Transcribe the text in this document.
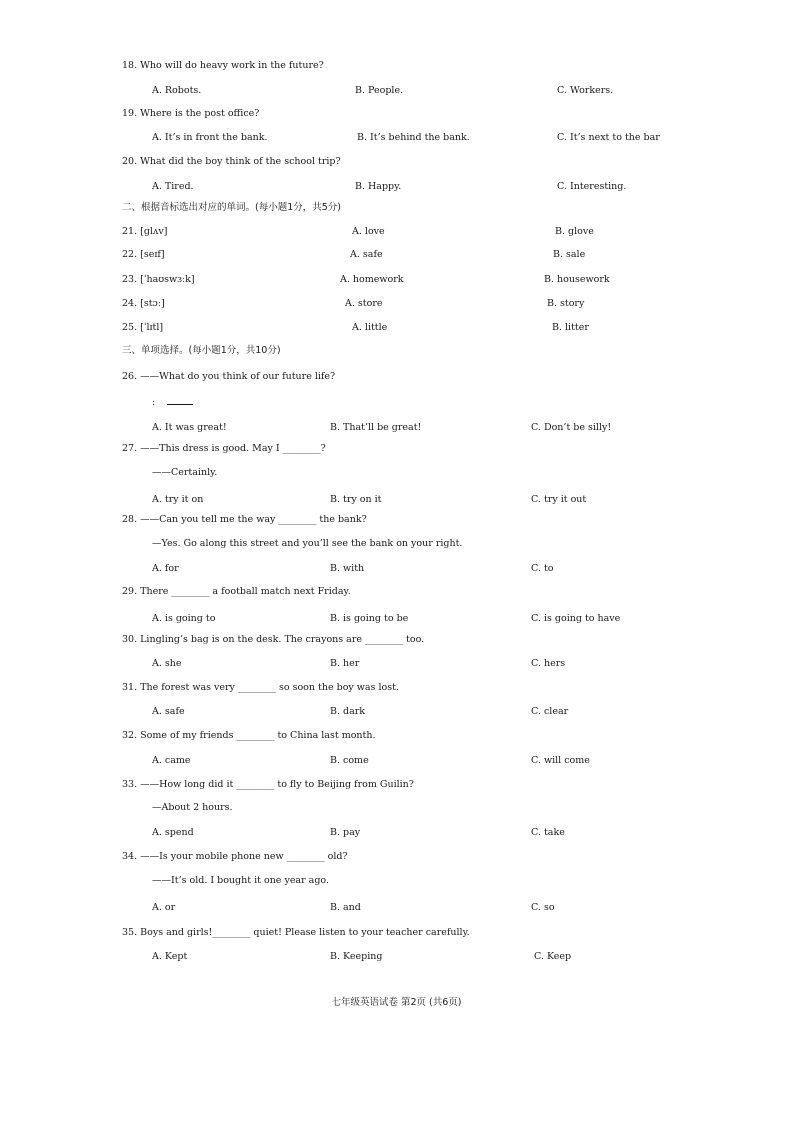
18. Who will do heavy work in the future?
A. Robots.	B. People.	C. Workers.
19. Where is the post office?
A. It’s in front the bank.	B. It’s behind the bank.	C. It’s next to the bar
20. What did the boy think of the school trip?
A. Tired.	B. Happy.	C. Interesting.
二、根据音标选出对应的单词。(每小题1分，共5分)
21. [glʌv]	A. love	B. glove
22. [seɪf]	A. safe	B. sale
23. [ˈhaʊswɜːk]	A. homework	B. housework
24. [stɔː]	A. store	B. story
25. [ˈlɪtl]	A. little	B. litter
三、单项选择。(每小题1分，共10分)
26. ——What do you think of our future life?
:
A. It was great!	B. That’ll be great!	C. Don’t be silly!
27. ——This dress is good. May I ________?
——Certainly.
A. try it on	B. try on it	C. try it out
28. ——Can you tell me the way ________ the bank?
—Yes. Go along this street and you’ll see the bank on your right.
A. for	B. with	C. to
29. There ________ a football match next Friday.
A. is going to	B. is going to be	C. is going to have
30. Lingling’s bag is on the desk. The crayons are ________ too.
A. she	B. her	C. hers
31. The forest was very ________ so soon the boy was lost.
A. safe	B. dark	C. clear
32. Some of my friends ________ to China last month.
A. came	B. come	C. will come
33. ——How long did it ________ to fly to Beijing from Guilin?
—About 2 hours.
A. spend	B. pay	C. take
34. ——Is your mobile phone new ________ old?
——It’s old. I bought it one year ago.
A. or	B. and	C. so
35. Boys and girls!________ quiet! Please listen to your teacher carefully.
A. Kept	B. Keeping	C. Keep
七年级英语试卷 第2页 (共6页)
